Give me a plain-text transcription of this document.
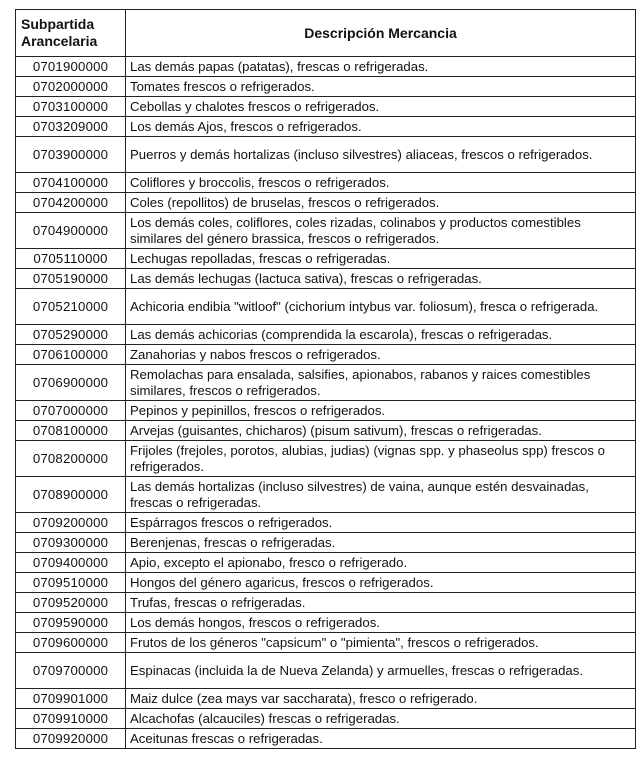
Subpartida
Arancelaria	Descripción Mercancia
0701900000	Las demás papas (patatas), frescas o refrigeradas.
0702000000	Tomates frescos o refrigerados.
0703100000	Cebollas y chalotes frescos o refrigerados.
0703209000	Los demás Ajos, frescos o refrigerados.
0703900000	Puerros y demás hortalizas (incluso silvestres) aliaceas, frescos o refrigerados.
0704100000	Coliflores y broccolis, frescos o refrigerados.
0704200000	Coles (repollitos) de bruselas, frescos o refrigerados.
0704900000	Los demás coles, coliflores, coles rizadas, colinabos y productos comestibles similares del género brassica, frescos o refrigerados.
0705110000	Lechugas repolladas, frescas o refrigeradas.
0705190000	Las demás lechugas (lactuca sativa), frescas o refrigeradas.
0705210000	Achicoria endibia "witloof" (cichorium intybus var. foliosum), fresca o refrigerada.
0705290000	Las demás achicorias (comprendida la escarola), frescas o refrigeradas.
0706100000	Zanahorias y nabos frescos o refrigerados.
0706900000	Remolachas para ensalada, salsifies, apionabos, rabanos y raices comestibles similares, frescos o refrigerados.
0707000000	Pepinos y pepinillos, frescos o refrigerados.
0708100000	Arvejas (guisantes, chicharos) (pisum sativum), frescas o refrigeradas.
0708200000	Frijoles (frejoles, porotos, alubias, judias) (vignas spp. y phaseolus spp) frescos o refrigerados.
0708900000	Las demás hortalizas (incluso silvestres) de vaina, aunque estén desvainadas, frescas o refrigeradas.
0709200000	Espárragos frescos o refrigerados.
0709300000	Berenjenas, frescas o refrigeradas.
0709400000	Apio, excepto el apionabo, fresco o refrigerado.
0709510000	Hongos del género agaricus, frescos o refrigerados.
0709520000	Trufas, frescas o refrigeradas.
0709590000	Los demás hongos, frescos o refrigerados.
0709600000	Frutos de los géneros "capsicum" o "pimienta", frescos o refrigerados.
0709700000	Espinacas (incluida la de Nueva Zelanda) y armuelles, frescas o refrigeradas.
0709901000	Maiz dulce (zea mays var saccharata), fresco o refrigerado.
0709910000	Alcachofas (alcauciles) frescas o refrigeradas.
0709920000	Aceitunas frescas o refrigeradas.
